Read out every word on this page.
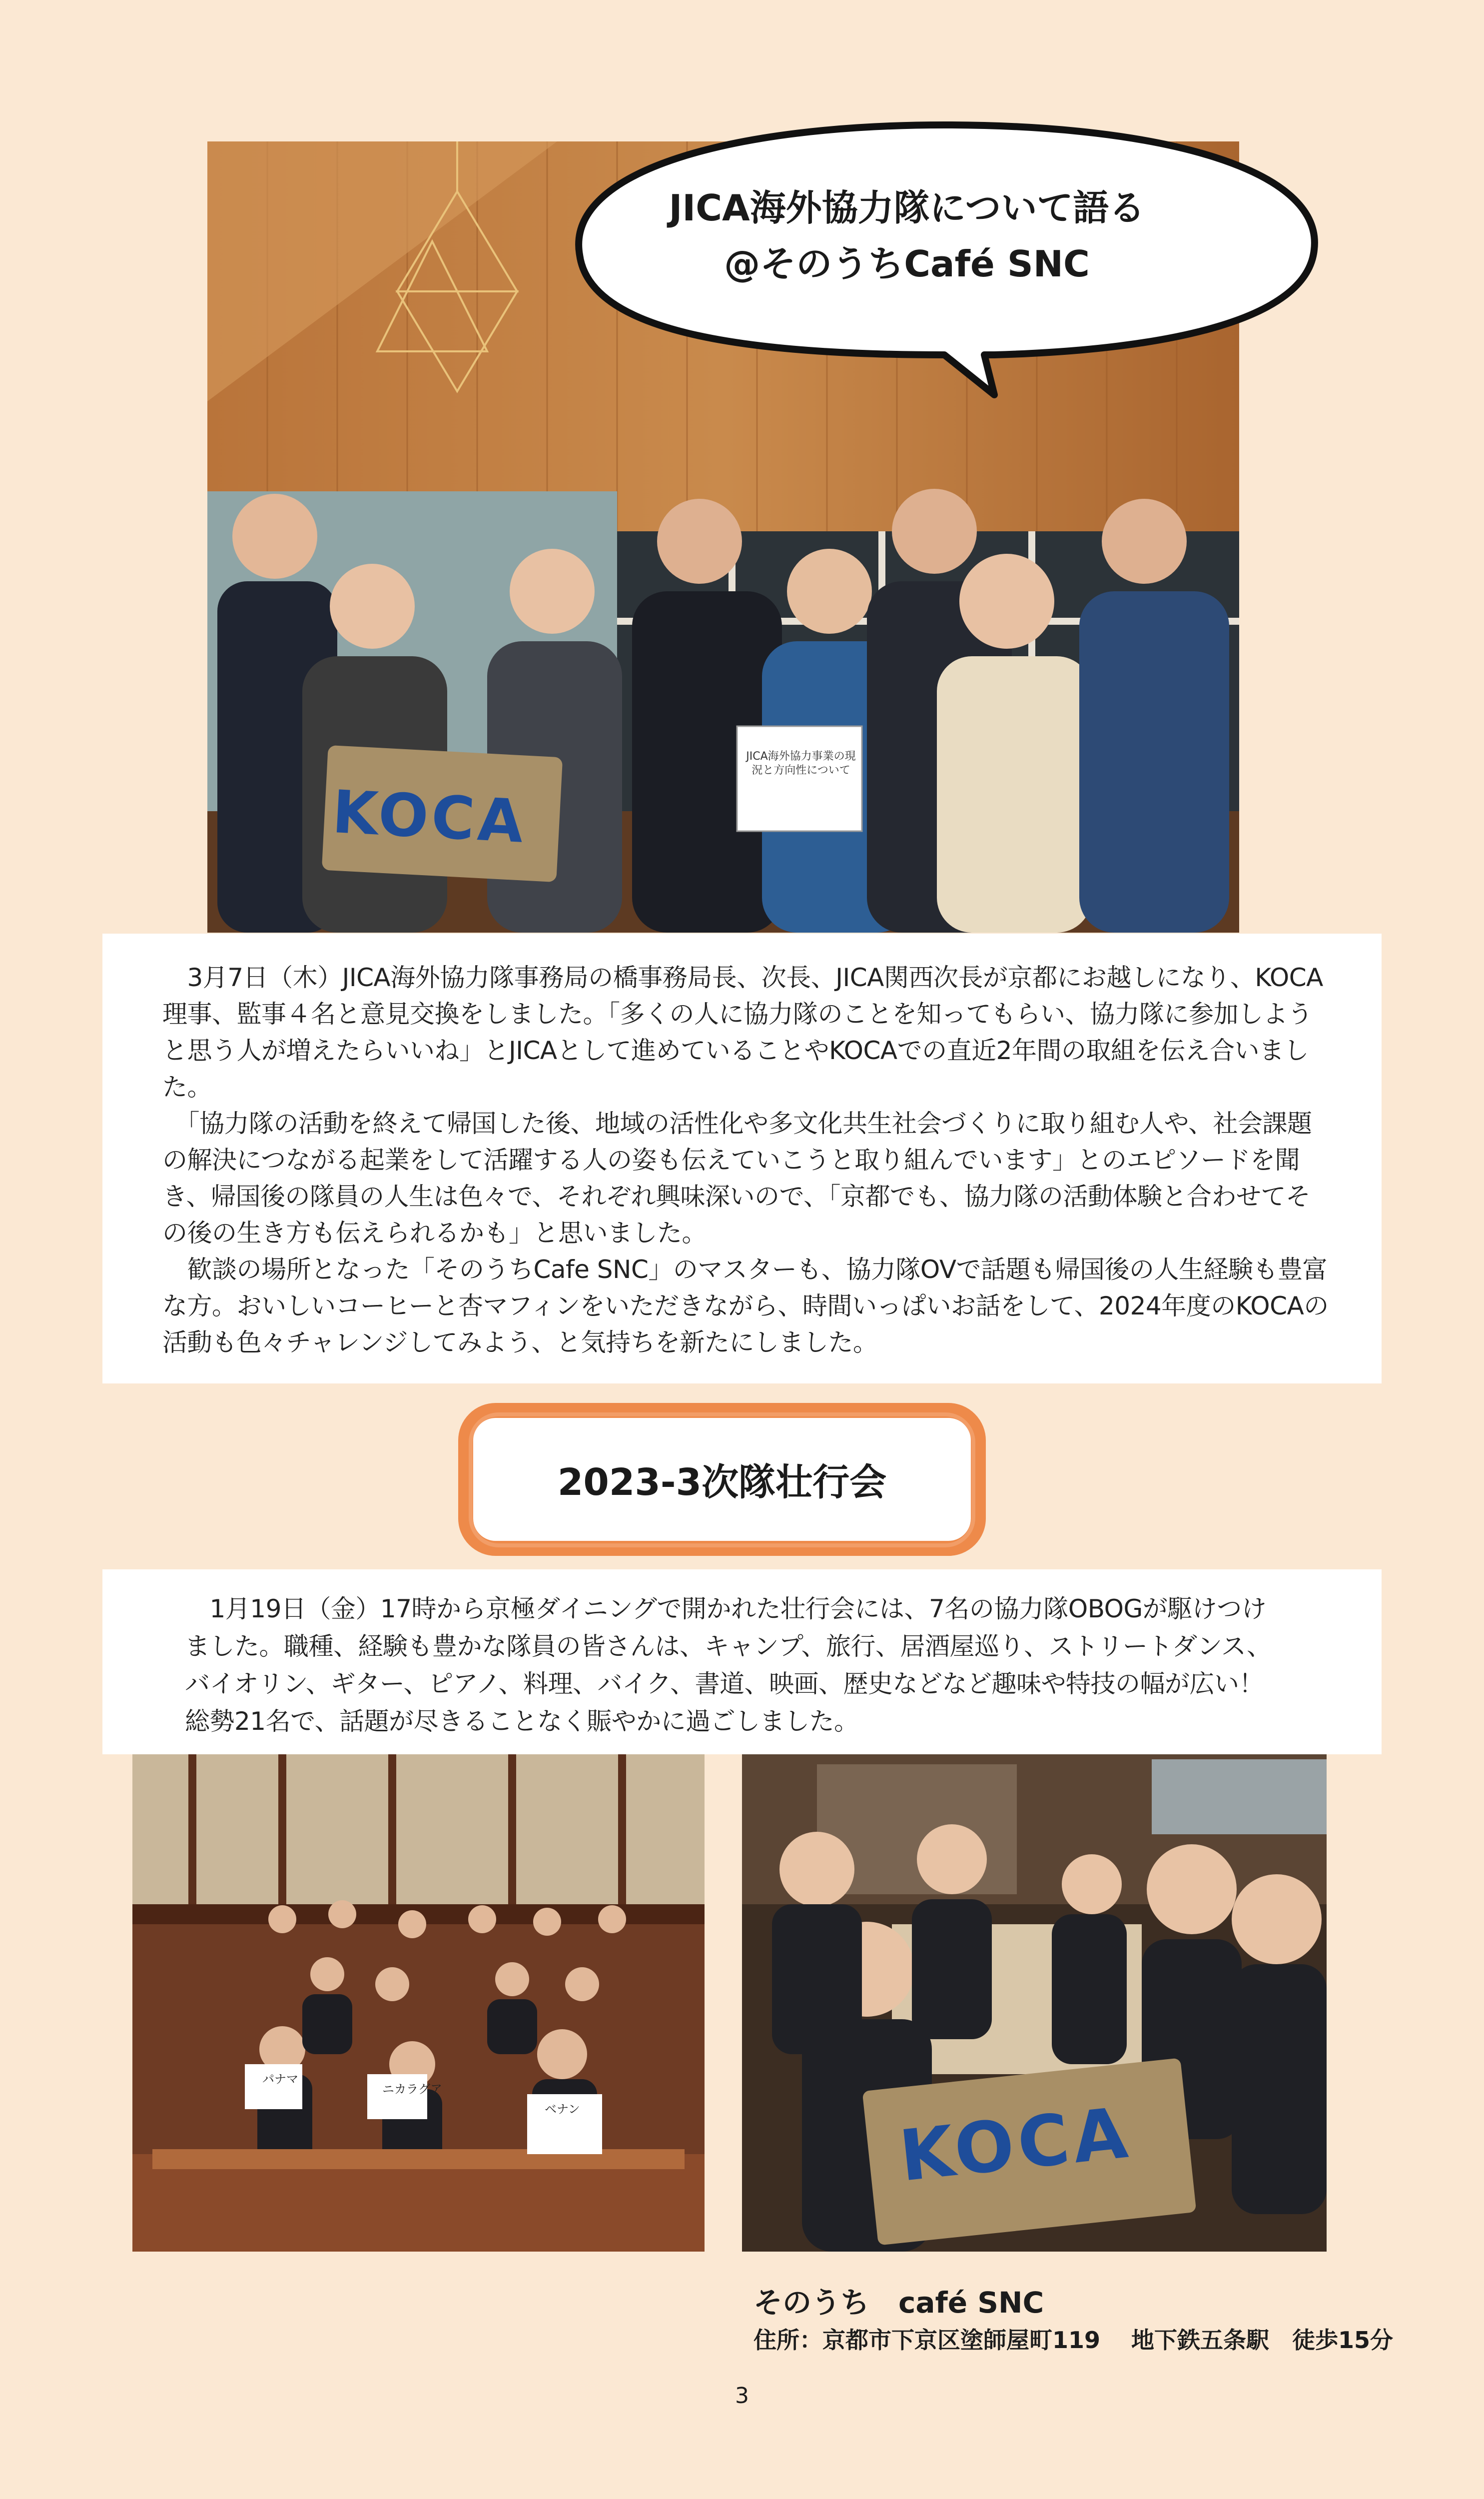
KOCA
JICA海外協力事業の現況と方向性について
JICA海外協力隊について語る
@そのうちCafé SNC
　3月7日（木）JICA海外協力隊事務局の橋事務局長、次長、JICA関西次長が京都にお越しになり、KOCA
理事、監事４名と意見交換をしました。「多くの人に協力隊のことを知ってもらい、協力隊に参加しよう
と思う人が増えたらいいね」とJICAとして進めていることやKOCAでの直近2年間の取組を伝え合いまし
た。
　「協力隊の活動を終えて帰国した後、地域の活性化や多文化共生社会づくりに取り組む人や、社会課題
の解決につながる起業をして活躍する人の姿も伝えていこうと取り組んでいます」とのエピソードを聞
き、帰国後の隊員の人生は色々で、それぞれ興味深いので、「京都でも、協力隊の活動体験と合わせてそ
の後の生き方も伝えられるかも」と思いました。
　歓談の場所となった「そのうちCafe SNC」のマスターも、協力隊OVで話題も帰国後の人生経験も豊富
な方。おいしいコーヒーと杏マフィンをいただきながら、時間いっぱいお話をして、2024年度のKOCAの
活動も色々チャレンジしてみよう、と気持ちを新たにしました。
2023-3次隊壮行会
　1月19日（金）17時から京極ダイニングで開かれた壮行会には、7名の協力隊OBOGが駆けつけ
ました。職種、経験も豊かな隊員の皆さんは、キャンプ、旅行、居酒屋巡り、ストリートダンス、
バイオリン、ギター、ピアノ、料理、バイク、書道、映画、歴史などなど趣味や特技の幅が広い！
総勢21名で、話題が尽きることなく賑やかに過ごしました。
パナマ
ニカラグア
ベナン	KOCA
そのうち　café SNC
住所：京都市下京区塗師屋町119　 地下鉄五条駅　徒歩15分
3
